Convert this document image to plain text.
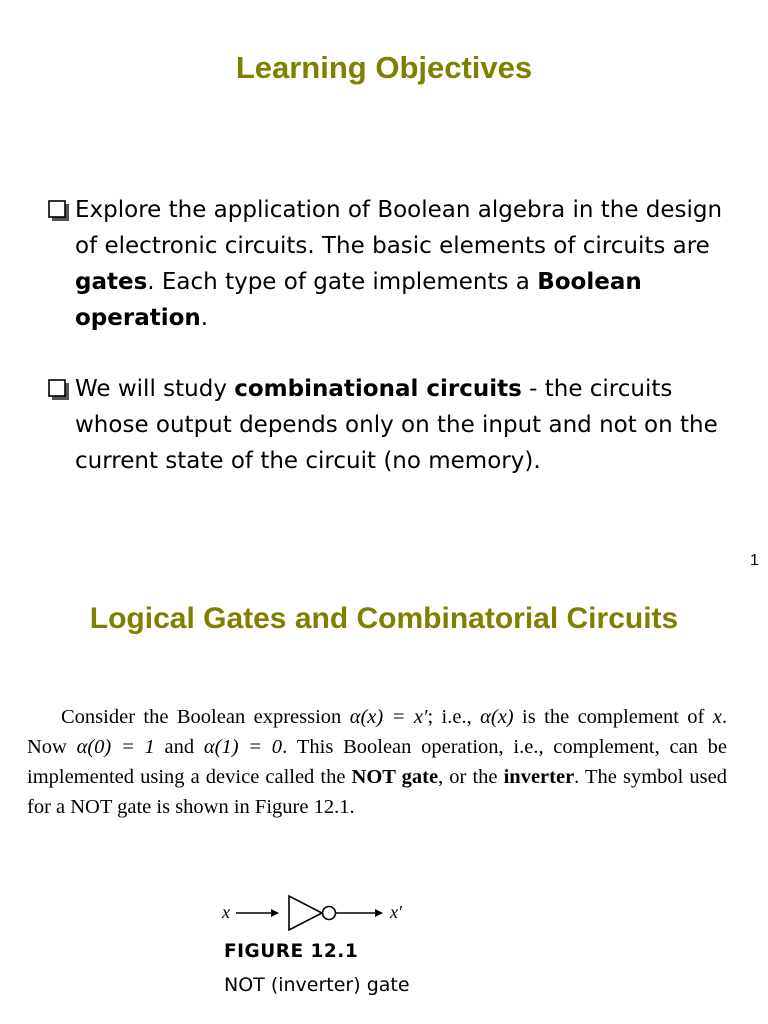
Learning Objectives
Explore the application of Boolean algebra in the design of electronic circuits. The basic elements of circuits are gates. Each type of gate implements a Boolean operation.
We will study combinational circuits - the circuits whose output depends only on the input and not on the current state of the circuit (no memory).
1
Logical Gates and Combinatorial Circuits
Consider the Boolean expression α(x) = x′; i.e., α(x) is the complement of x. Now α(0) = 1 and α(1) = 0. This Boolean operation, i.e., complement, can be implemented using a device called the NOT gate, or the inverter. The symbol used for a NOT gate is shown in Figure 12.1.
x	x′
FIGURE 12.1
NOT (inverter) gate
